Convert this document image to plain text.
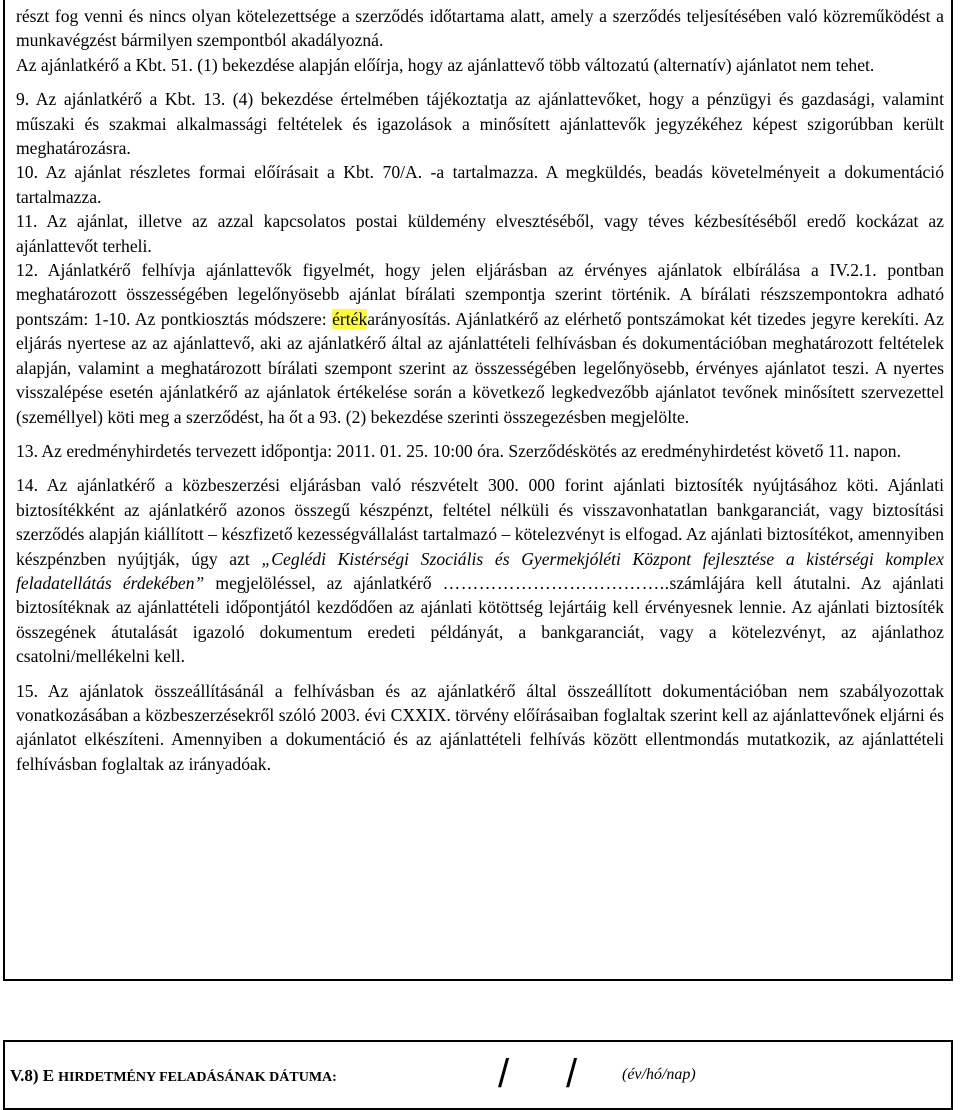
részt fog venni és nincs olyan kötelezettsége a szerződés időtartama alatt, amely a szerződés teljesítésében való közreműködést a munkavégzést bármilyen szempontból akadályozná.

Az ajánlatkérő a Kbt. 51. (1) bekezdése alapján előírja, hogy az ajánlattevő több változatú (alternatív) ajánlatot nem tehet.

9. Az ajánlatkérő a Kbt. 13. (4) bekezdése értelmében tájékoztatja az ajánlattevőket, hogy a pénzügyi és gazdasági, valamint műszaki és szakmai alkalmassági feltételek és igazolások a minősített ajánlattevők jegyzékéhez képest szigorúbban került meghatározásra.

10. Az ajánlat részletes formai előírásait a Kbt. 70/A. -a tartalmazza. A megküldés, beadás követelményeit a dokumentáció tartalmazza.

11. Az ajánlat, illetve az azzal kapcsolatos postai küldemény elvesztéséből, vagy téves kézbesítéséből eredő kockázat az ajánlattevőt terheli.

12. Ajánlatkérő felhívja ajánlattevők figyelmét, hogy jelen eljárásban az érvényes ajánlatok elbírálása a IV.2.1. pontban meghatározott összességében legelőnyösebb ajánlat bírálati szempontja szerint történik. A bírálati részszempontokra adható pontszám: 1-10. Az pontkiosztás módszere: értékarányosítás. Ajánlatkérő az elérhető pontszámokat két tizedes jegyre kerekíti. Az eljárás nyertese az az ajánlattevő, aki az ajánlatkérő által az ajánlattételi felhívásban és dokumentációban meghatározott feltételek alapján, valamint a meghatározott bírálati szempont szerint az összességében legelőnyösebb, érvényes ajánlatot teszi. A nyertes visszalépése esetén ajánlatkérő az ajánlatok értékelése során a következő legkedvezőbb ajánlatot tevőnek minősített szervezettel (személlyel) köti meg a szerződést, ha őt a 93. (2) bekezdése szerinti összegezésben megjelölte.

13. Az eredményhirdetés tervezett időpontja: 2011. 01. 25. 10:00 óra. Szerződéskötés az eredményhirdetést követő 11. napon.

14. Az ajánlatkérő a közbeszerzési eljárásban való részvételt 300. 000 forint ajánlati biztosíték nyújtásához köti. Ajánlati biztosítékként az ajánlatkérő azonos összegű készpénzt, feltétel nélküli és visszavonhatatlan bankgaranciát, vagy biztosítási szerződés alapján kiállított – készfizető kezességvállalást tartalmazó – kötelezvényt is elfogad. Az ajánlati biztosítékot, amennyiben készpénzben nyújtják, úgy azt „Ceglédi Kistérségi Szociális és Gyermekjóléti Központ fejlesztése a kistérségi komplex feladatellátás érdekében” megjelöléssel, az ajánlatkérő ………………………………..számlájára kell átutalni. Az ajánlati biztosítéknak az ajánlattételi időpontjától kezdődően az ajánlati kötöttség lejártáig kell érvényesnek lennie. Az ajánlati biztosíték összegének átutalását igazoló dokumentum eredeti példányát, a bankgaranciát, vagy a kötelezvényt, az ajánlathoz csatolni/mellékelni kell.

15. Az ajánlatok összeállításánál a felhívásban és az ajánlatkérő által összeállított dokumentációban nem szabályozottak vonatkozásában a közbeszerzésekről szóló 2003. évi CXXIX. törvény előírásaiban foglaltak szerint kell az ajánlattevőnek eljárni és ajánlatot elkészíteni. Amennyiben a dokumentáció és az ajánlattételi felhívás között ellentmondás mutatkozik, az ajánlattételi felhívásban foglaltak az irányadóak.

V.8) E HIRDETMÉNY FELADÁSÁNAK DÁTUMA:	/ /	(év/hó/nap)
